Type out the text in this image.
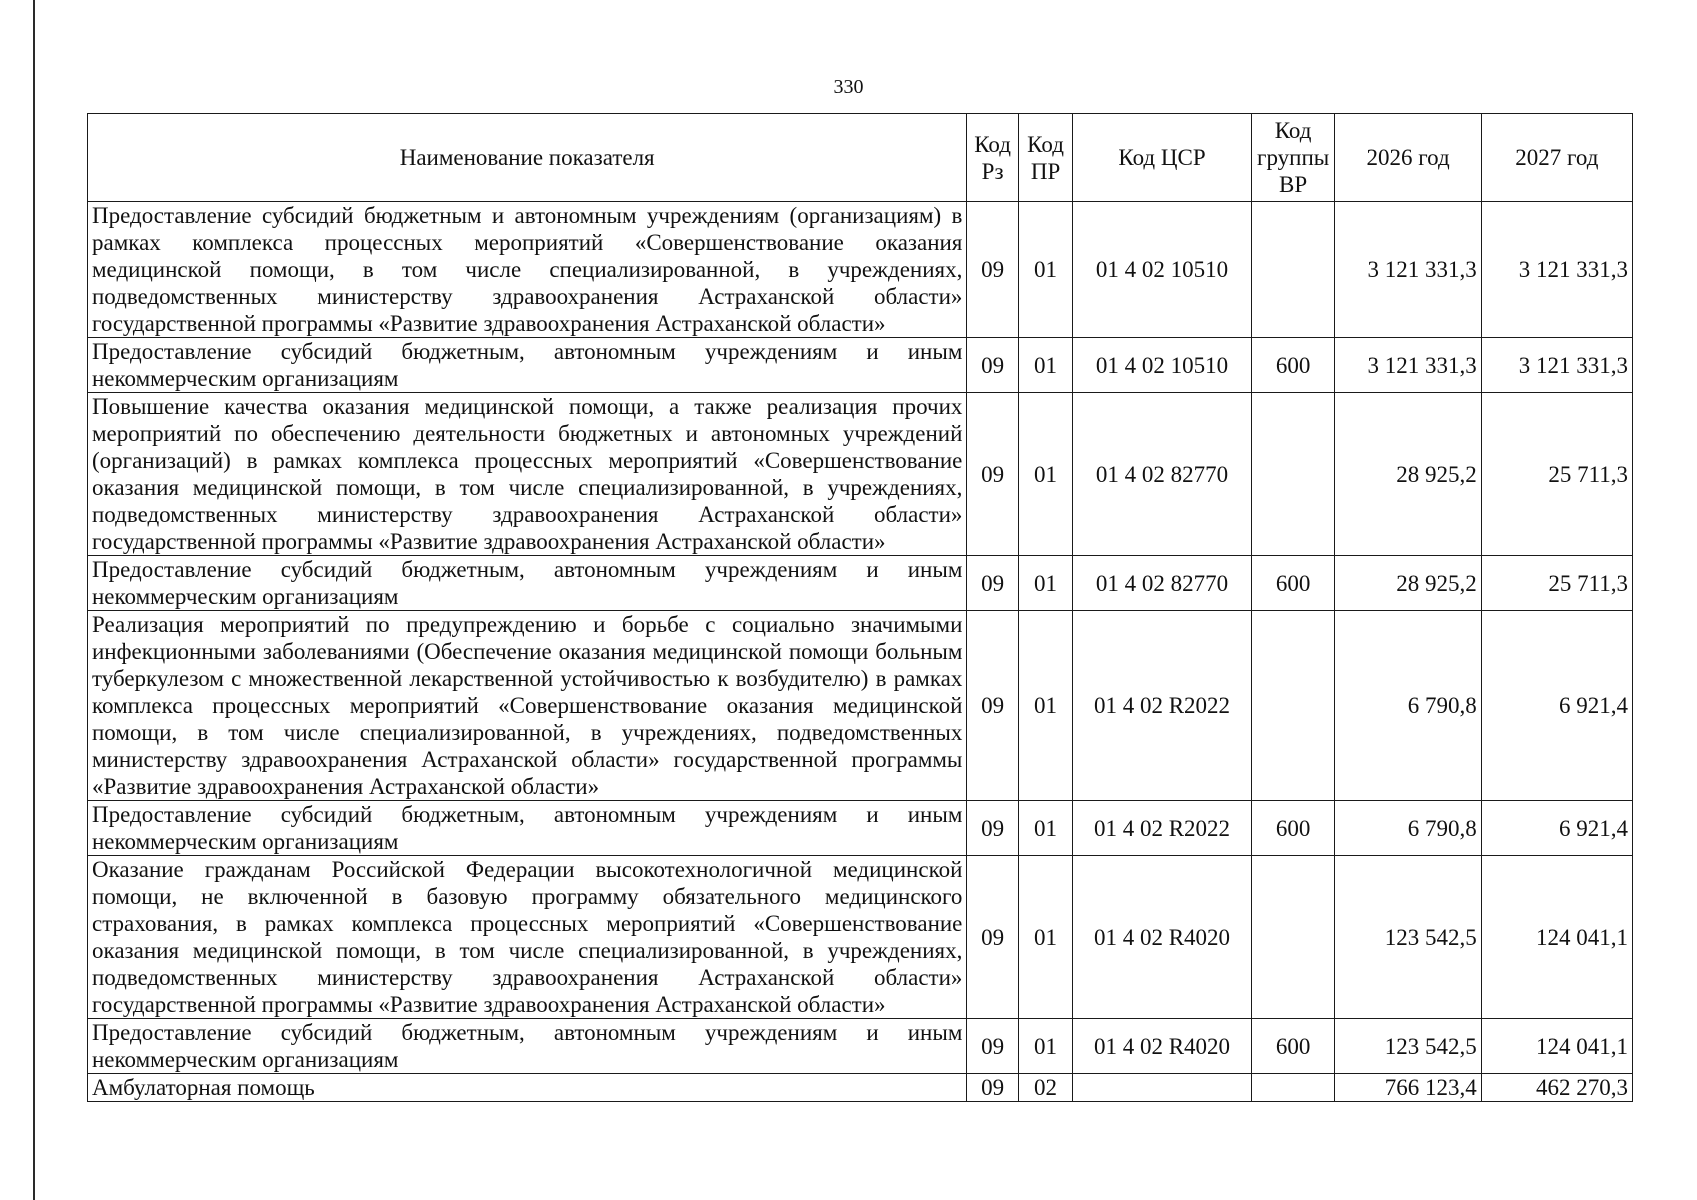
330
Наименование показателя	Код Рз	Код ПР	Код ЦСР	Код группы ВР	2026 год	2027 год
Предоставление субсидий бюджетным и автономным учреждениям (организациям) в рамках комплекса процессных мероприятий «Совершенствование оказания медицинской помощи, в том числе специализированной, в учреждениях, подведомственных министерству здравоохранения Астраханской области» государственной программы «Развитие здравоохранения Астраханской области»	09	01	01 4 02 10510		3 121 331,3	3 121 331,3
Предоставление субсидий бюджетным, автономным учреждениям и иным некоммерческим организациям	09	01	01 4 02 10510	600	3 121 331,3	3 121 331,3
Повышение качества оказания медицинской помощи, а также реализация прочих мероприятий по обеспечению деятельности бюджетных и автономных учреждений (организаций) в рамках комплекса процессных мероприятий «Совершенствование оказания медицинской помощи, в том числе специализированной, в учреждениях, подведомственных министерству здравоохранения Астраханской области» государственной программы «Развитие здравоохранения Астраханской области»	09	01	01 4 02 82770		28 925,2	25 711,3
Предоставление субсидий бюджетным, автономным учреждениям и иным некоммерческим организациям	09	01	01 4 02 82770	600	28 925,2	25 711,3
Реализация мероприятий по предупреждению и борьбе с социально значимыми инфекционными заболеваниями (Обеспечение оказания медицинской помощи больным туберкулезом с множественной лекарственной устойчивостью к возбудителю) в рамках комплекса процессных мероприятий «Совершенствование оказания медицинской помощи, в том числе специализированной, в учреждениях, подведомственных министерству здравоохранения Астраханской области» государственной программы «Развитие здравоохранения Астраханской области»	09	01	01 4 02 R2022		6 790,8	6 921,4
Предоставление субсидий бюджетным, автономным учреждениям и иным некоммерческим организациям	09	01	01 4 02 R2022	600	6 790,8	6 921,4
Оказание гражданам Российской Федерации высокотехнологичной медицинской помощи, не включенной в базовую программу обязательного медицинского страхования, в рамках комплекса процессных мероприятий «Совершенствование оказания медицинской помощи, в том числе специализированной, в учреждениях, подведомственных министерству здравоохранения Астраханской области» государственной программы «Развитие здравоохранения Астраханской области»	09	01	01 4 02 R4020		123 542,5	124 041,1
Предоставление субсидий бюджетным, автономным учреждениям и иным некоммерческим организациям	09	01	01 4 02 R4020	600	123 542,5	124 041,1
Амбулаторная помощь	09	02			766 123,4	462 270,3
